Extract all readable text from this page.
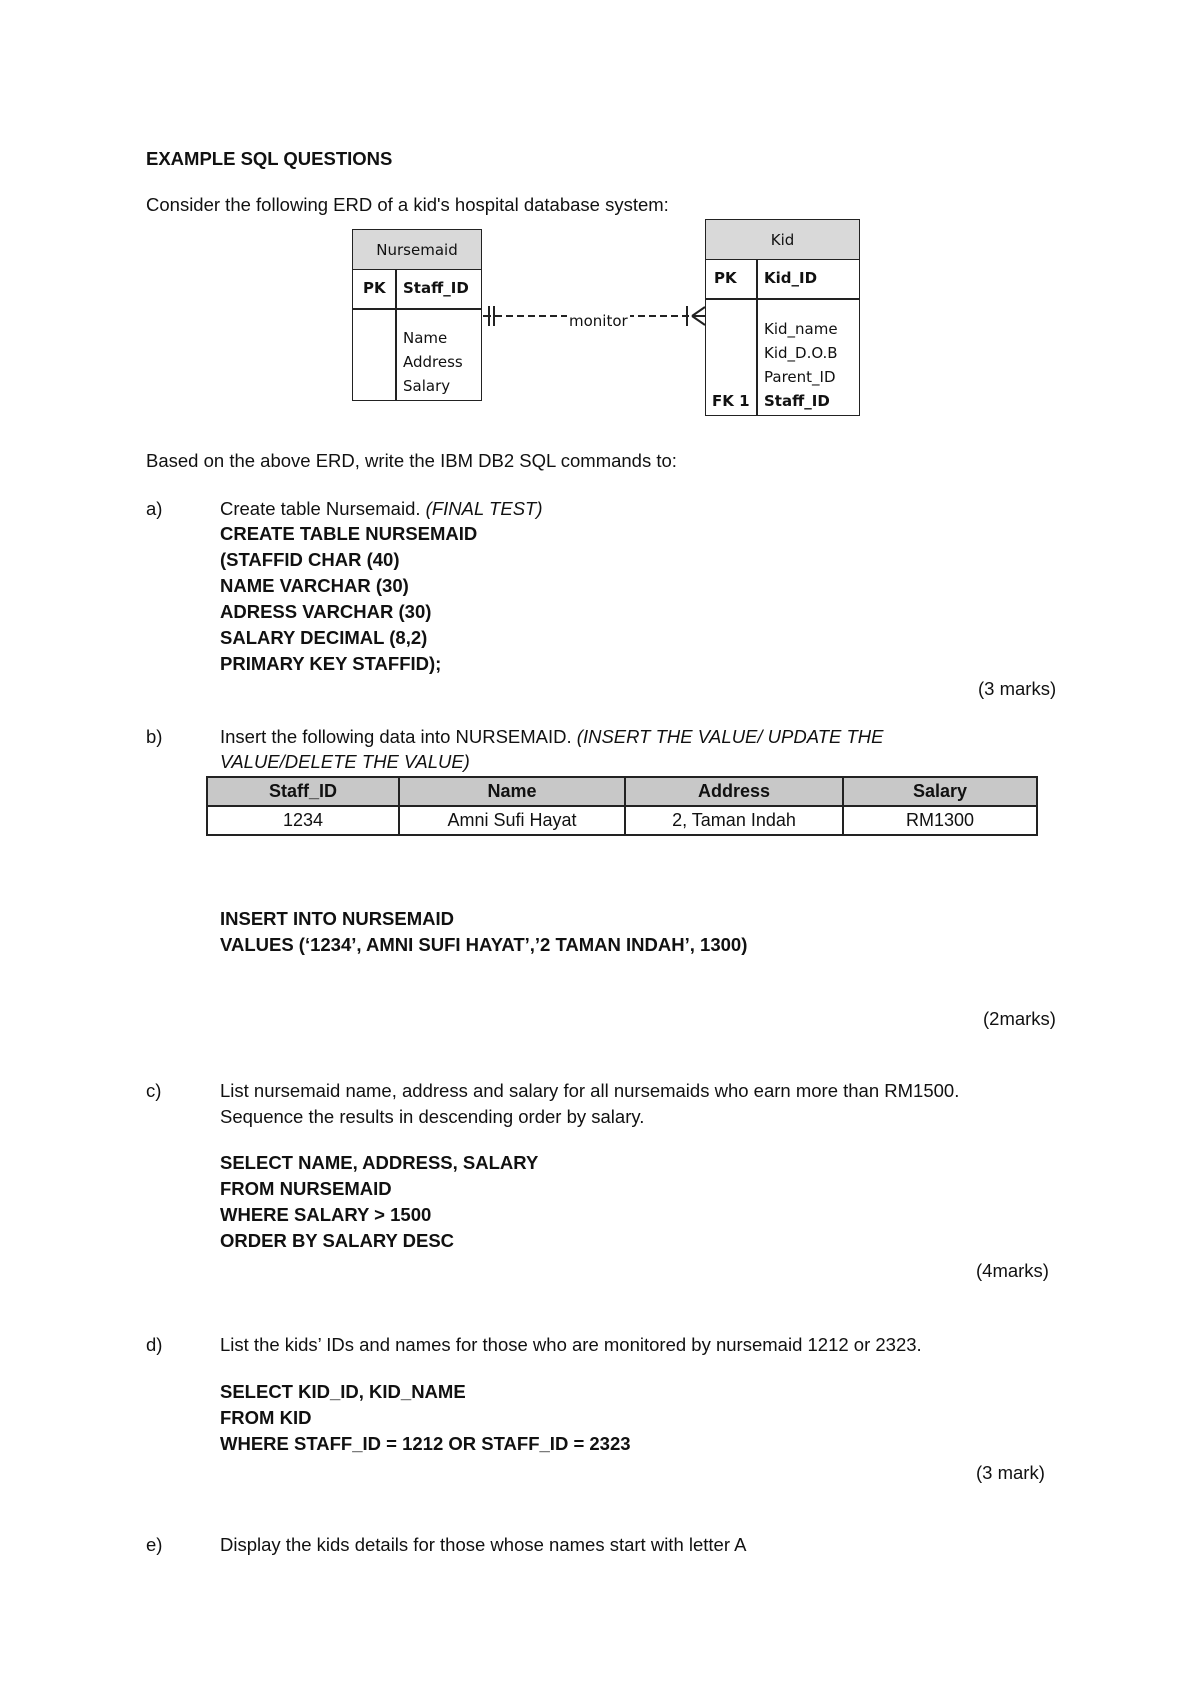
EXAMPLE SQL QUESTIONS
Consider the following ERD of a kid's hospital database system:
Nursemaid
PK Staff_ID
Name
Address
Salary
Kid
PK Kid_ID
Kid_name
Kid_D.O.B
Parent_ID
FK 1 Staff_ID
monitor
Based on the above ERD, write the IBM DB2 SQL commands to:
a)	Create table Nursemaid. (FINAL TEST)
CREATE TABLE NURSEMAID
(STAFFID CHAR (40)
NAME VARCHAR (30)
ADRESS VARCHAR (30)
SALARY DECIMAL (8,2)
PRIMARY KEY STAFFID);
(3 marks)
b)	Insert the following data into NURSEMAID. (INSERT THE VALUE/ UPDATE THE
VALUE/DELETE THE VALUE)
Staff_ID	Name	Address	Salary
1234	Amni Sufi Hayat	2, Taman Indah	RM1300
INSERT INTO NURSEMAID
VALUES (‘1234’, AMNI SUFI HAYAT’,’2 TAMAN INDAH’, 1300)
(2marks)
c)	List nursemaid name, address and salary for all nursemaids who earn more than RM1500.
Sequence the results in descending order by salary.
SELECT NAME, ADDRESS, SALARY
FROM NURSEMAID
WHERE SALARY > 1500
ORDER BY SALARY DESC
(4marks)
d)	List the kids’ IDs and names for those who are monitored by nursemaid 1212 or 2323.
SELECT KID_ID, KID_NAME
FROM KID
WHERE STAFF_ID = 1212 OR STAFF_ID = 2323
(3 mark)
e)	Display the kids details for those whose names start with letter A
